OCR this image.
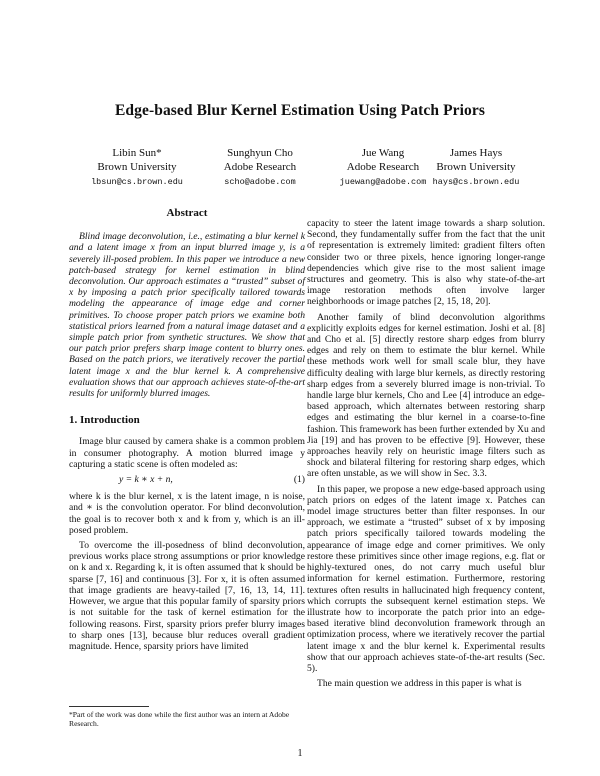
Edge-based Blur Kernel Estimation Using Patch Priors
Libin Sun*
Brown University
lbsun@cs.brown.edu
Sunghyun Cho
Adobe Research
scho@adobe.com
Jue Wang
Adobe Research
juewang@adobe.com
James Hays
Brown University
hays@cs.brown.edu
Abstract

Blind image deconvolution, i.e., estimating a blur kernel k and a latent image x from an input blurred image y, is a severely ill-posed problem. In this paper we introduce a new patch-based strategy for kernel estimation in blind deconvolution. Our approach estimates a “trusted” subset of x by imposing a patch prior specifically tailored towards modeling the appearance of image edge and corner primitives. To choose proper patch priors we examine both statistical priors learned from a natural image dataset and a simple patch prior from synthetic structures. We show that our patch prior prefers sharp image content to blurry ones. Based on the patch priors, we iteratively recover the partial latent image x and the blur kernel k. A comprehensive evaluation shows that our approach achieves state-of-the-art results for uniformly blurred images.

1. Introduction

Image blur caused by camera shake is a common problem in consumer photography. A motion blurred image y capturing a static scene is often modeled as:

y = k ∗ x + n,	(1)

where k is the blur kernel, x is the latent image, n is noise, and ∗ is the convolution operator. For blind deconvolution, the goal is to recover both x and k from y, which is an ill-posed problem.

To overcome the ill-posedness of blind deconvolution, previous works place strong assumptions or prior knowledge on k and x. Regarding k, it is often assumed that k should be sparse [7, 16] and continuous [3]. For x, it is often assumed that image gradients are heavy-tailed [7, 16, 13, 14, 11]. However, we argue that this popular family of sparsity priors is not suitable for the task of kernel estimation for the following reasons. First, sparsity priors prefer blurry images to sharp ones [13], because blur reduces overall gradient magnitude. Hence, sparsity priors have limited

capacity to steer the latent image towards a sharp solution. Second, they fundamentally suffer from the fact that the unit of representation is extremely limited: gradient filters often consider two or three pixels, hence ignoring longer-range dependencies which give rise to the most salient image structures and geometry. This is also why state-of-the-art image restoration methods often involve larger neighborhoods or image patches [2, 15, 18, 20].

Another family of blind deconvolution algorithms explicitly exploits edges for kernel estimation. Joshi et al. [8] and Cho et al. [5] directly restore sharp edges from blurry edges and rely on them to estimate the blur kernel. While these methods work well for small scale blur, they have difficulty dealing with large blur kernels, as directly restoring sharp edges from a severely blurred image is non-trivial. To handle large blur kernels, Cho and Lee [4] introduce an edge-based approach, which alternates between restoring sharp edges and estimating the blur kernel in a coarse-to-fine fashion. This framework has been further extended by Xu and Jia [19] and has proven to be effective [9]. However, these approaches heavily rely on heuristic image filters such as shock and bilateral filtering for restoring sharp edges, which are often unstable, as we will show in Sec. 3.3.

In this paper, we propose a new edge-based approach using patch priors on edges of the latent image x. Patches can model image structures better than filter responses. In our approach, we estimate a “trusted” subset of x by imposing patch priors specifically tailored towards modeling the appearance of image edge and corner primitives. We only restore these primitives since other image regions, e.g. flat or highly-textured ones, do not carry much useful blur information for kernel estimation. Furthermore, restoring textures often results in hallucinated high frequency content, which corrupts the subsequent kernel estimation steps. We illustrate how to incorporate the patch prior into an edge-based iterative blind deconvolution framework through an optimization process, where we iteratively recover the partial latent image x and the blur kernel k. Experimental results show that our approach achieves state-of-the-art results (Sec. 5).

The main question we address in this paper is what is

*Part of the work was done while the first author was an intern at Adobe Research.
1
